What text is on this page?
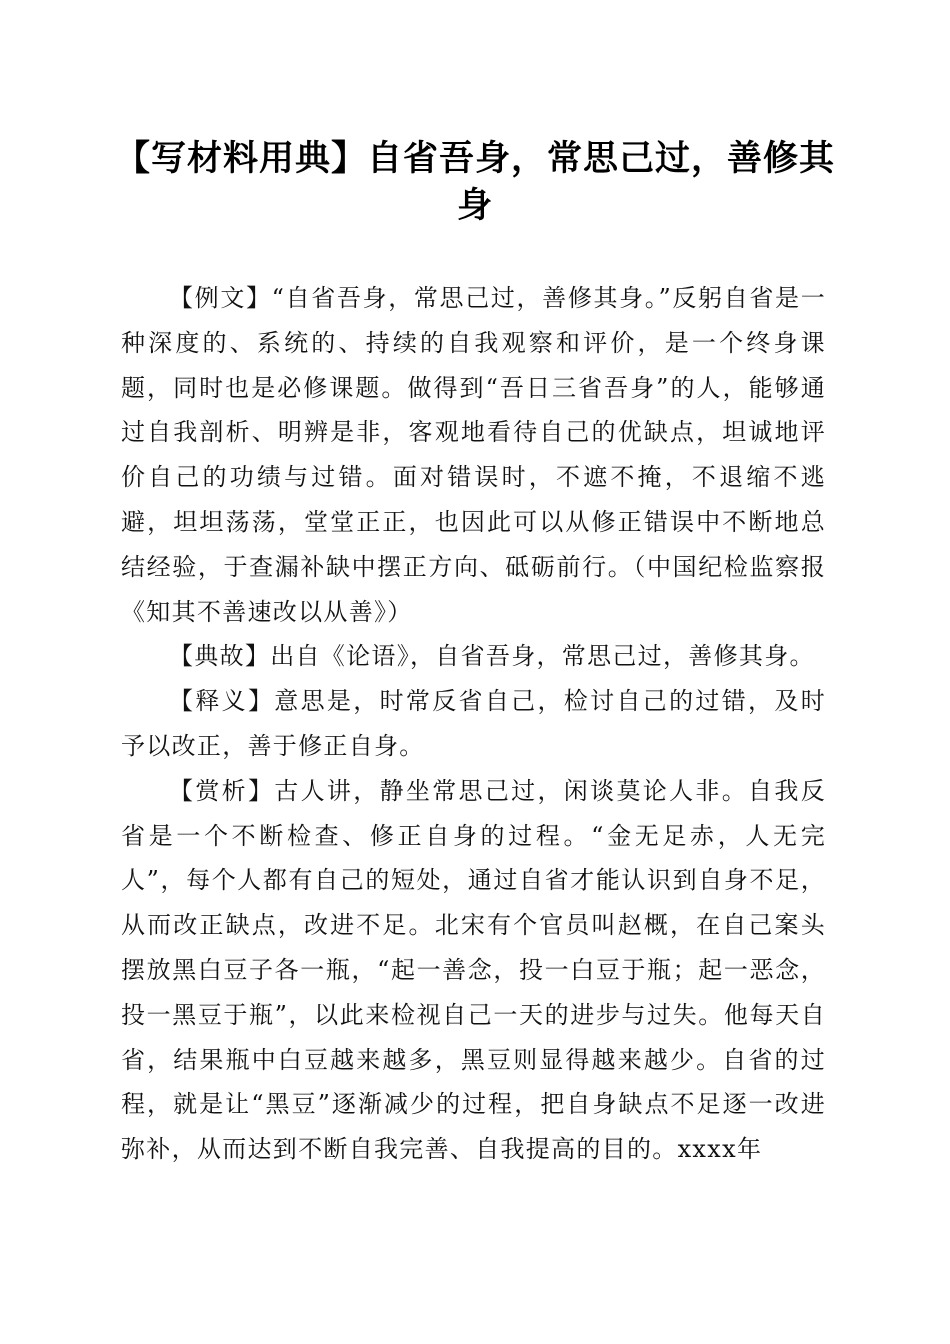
【写材料用典】自省吾身，常思己过，善修其身

【例文】“自省吾身，常思己过，善修其身。”反躬自省是一种深度的、系统的、持续的自我观察和评价，是一个终身课题，同时也是必修课题。做得到“吾日三省吾身”的人，能够通过自我剖析、明辨是非，客观地看待自己的优缺点，坦诚地评价自己的功绩与过错。面对错误时，不遮不掩，不退缩不逃避，坦坦荡荡，堂堂正正，也因此可以从修正错误中不断地总结经验，于查漏补缺中摆正方向、砥砺前行。（中国纪检监察报《知其不善速改以从善》）

【典故】出自《论语》，自省吾身，常思己过，善修其身。

【释义】意思是，时常反省自己，检讨自己的过错，及时予以改正，善于修正自身。

【赏析】古人讲，静坐常思己过，闲谈莫论人非。自我反省是一个不断检查、修正自身的过程。“金无足赤，人无完人”，每个人都有自己的短处，通过自省才能认识到自身不足，从而改正缺点，改进不足。北宋有个官员叫赵概，在自己案头摆放黑白豆子各一瓶，“起一善念，投一白豆于瓶；起一恶念，投一黑豆于瓶”，以此来检视自己一天的进步与过失。他每天自省，结果瓶中白豆越来越多，黑豆则显得越来越少。自省的过程，就是让“黑豆”逐渐减少的过程，把自身缺点不足逐一改进弥补，从而达到不断自我完善、自我提高的目的。xxxx年
